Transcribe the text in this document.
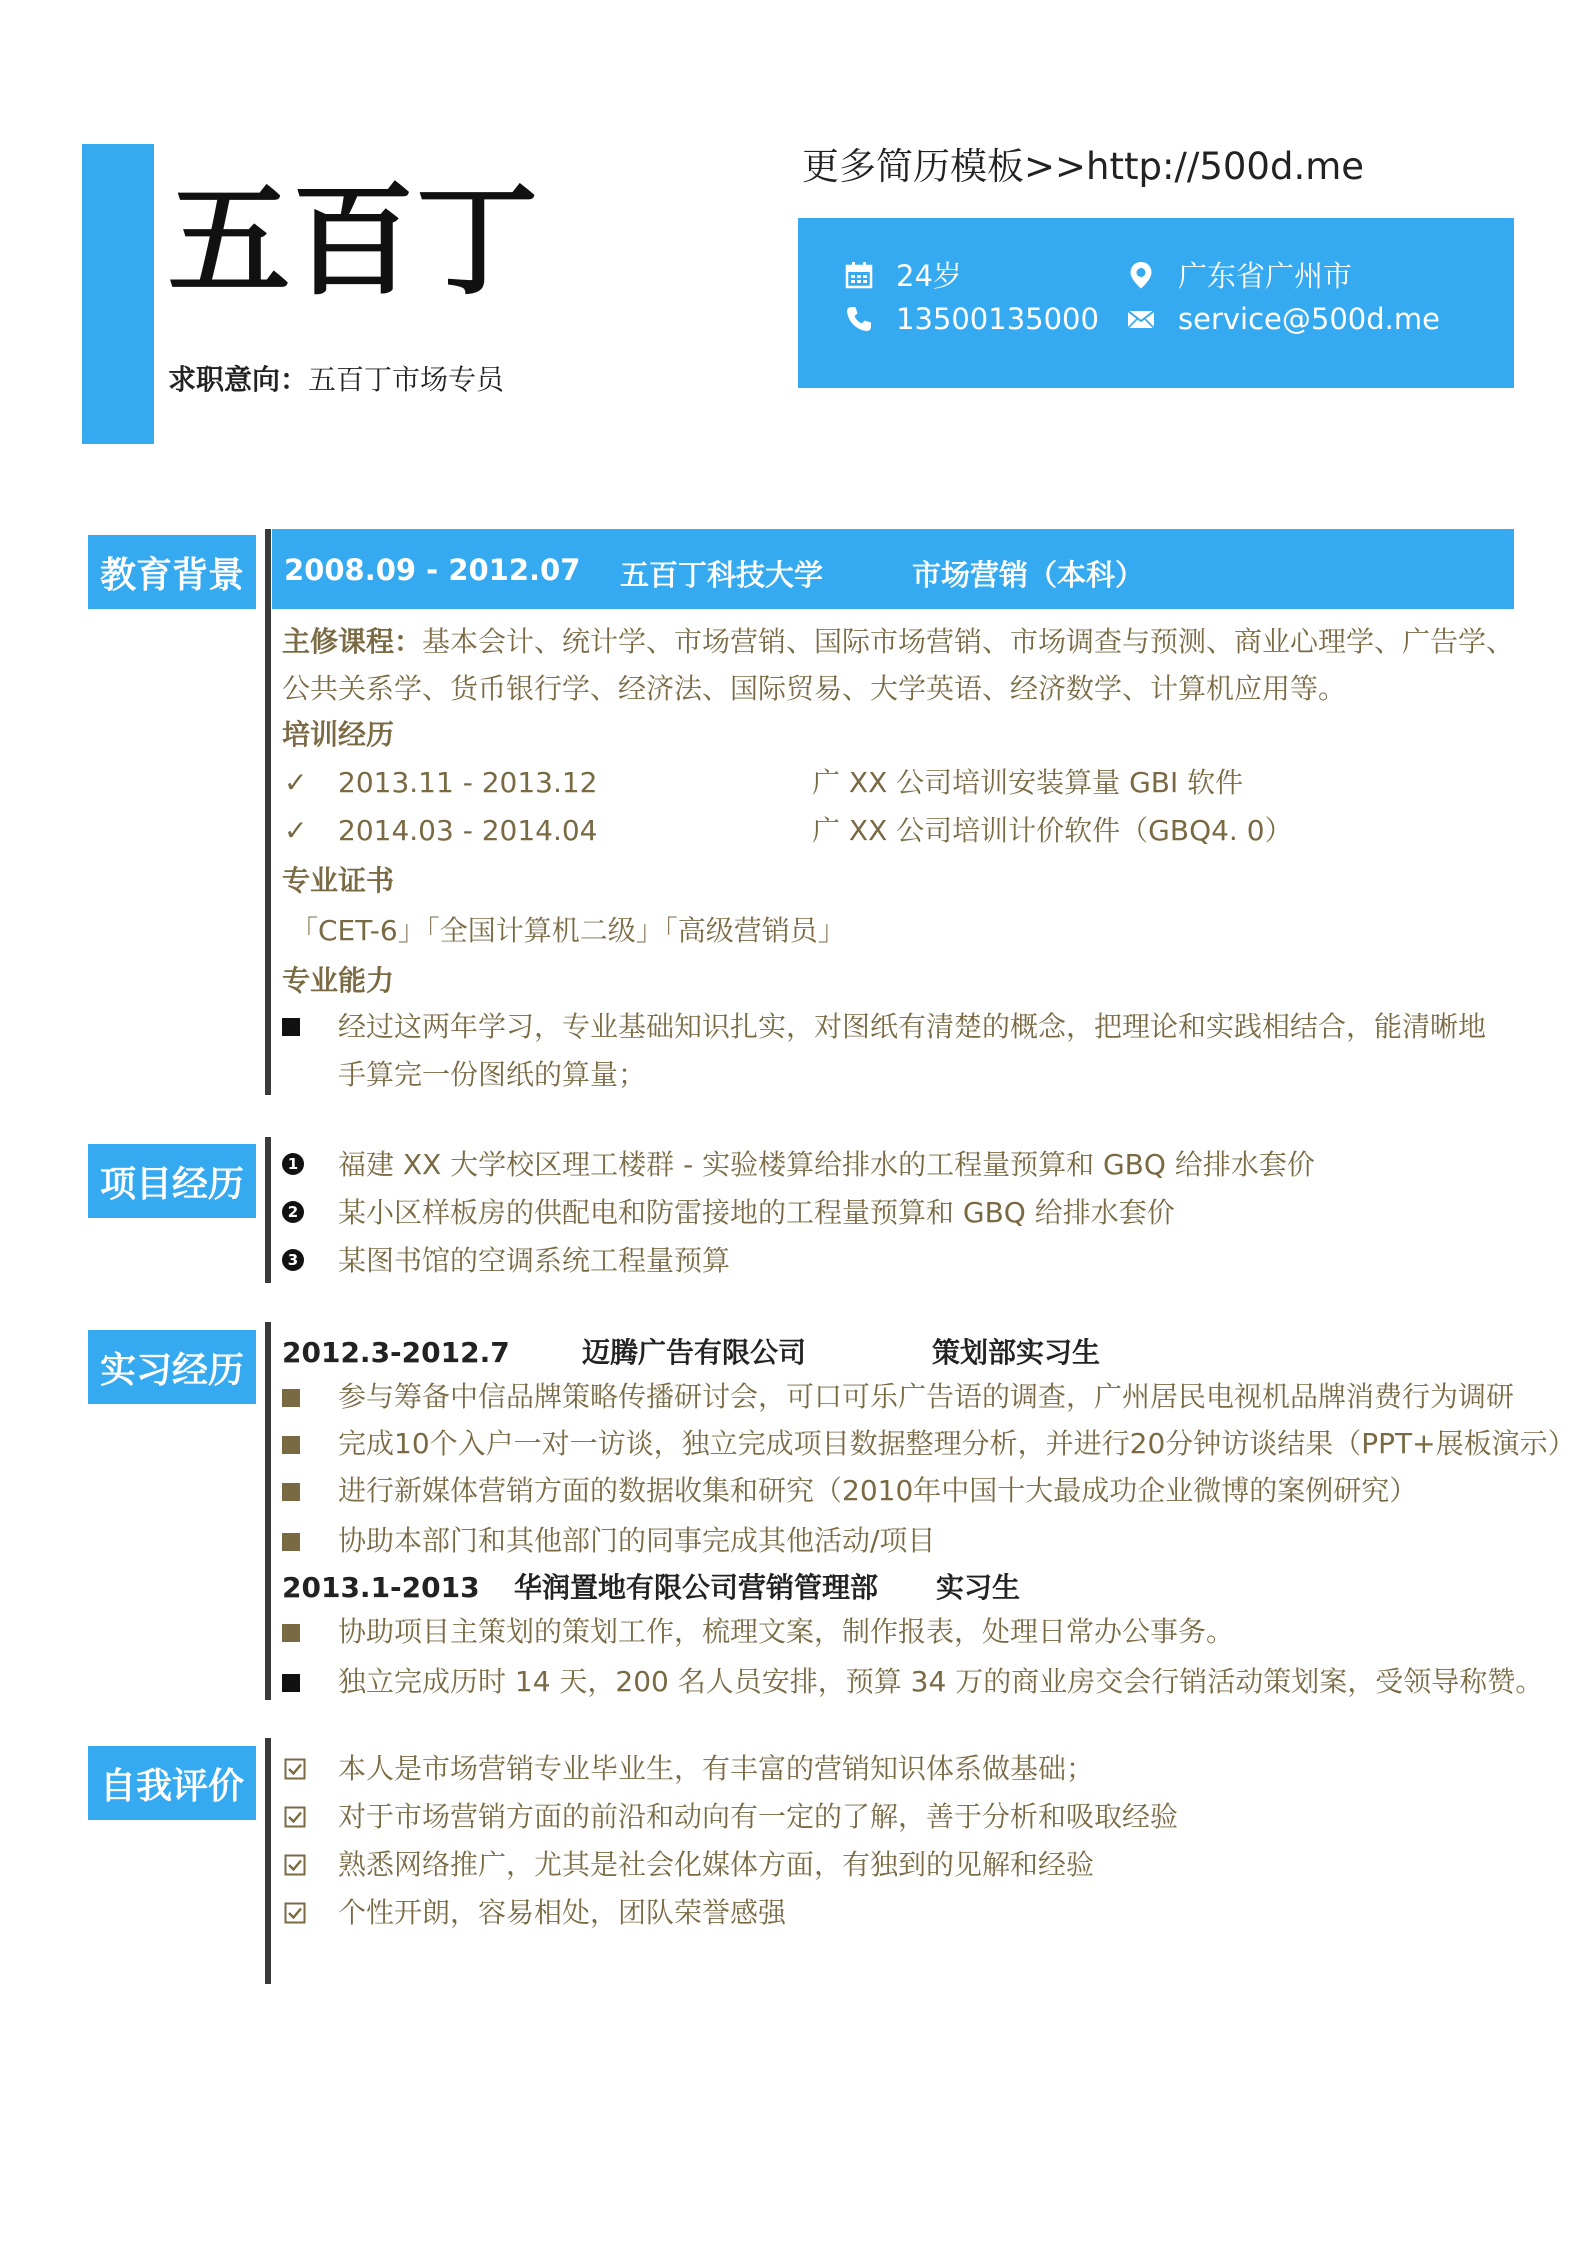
五百丁
求职意向：五百丁市场专员
更多简历模板>>http://500d.me
24岁	广东省广州市
13500135000	service@500d.me
教育背景
项目经历
实习经历
自我评价
2008.09 - 2012.07 五百丁科技大学	市场营销（本科）
主修课程：基本会计、统计学、市场营销、国际市场营销、市场调查与预测、商业心理学、广告学、
公共关系学、货币银行学、经济法、国际贸易、大学英语、经济数学、计算机应用等。
培训经历
✓ 2013.11 - 2013.12	广 XX 公司培训安装算量 GBI 软件
✓ 2014.03 - 2014.04	广 XX 公司培训计价软件（GBQ4. 0）
专业证书
「CET-6」「全国计算机二级」「高级营销员」
专业能力
经过这两年学习，专业基础知识扎实，对图纸有清楚的概念，把理论和实践相结合，能清晰地
手算完一份图纸的算量；
1 福建 XX 大学校区理工楼群 - 实验楼算给排水的工程量预算和 GBQ 给排水套价
2 某小区样板房的供配电和防雷接地的工程量预算和 GBQ 给排水套价
3 某图书馆的空调系统工程量预算
2012.3-2012.7	迈腾广告有限公司	策划部实习生
参与筹备中信品牌策略传播研讨会，可口可乐广告语的调查，广州居民电视机品牌消费行为调研
完成10个入户一对一访谈，独立完成项目数据整理分析，并进行20分钟访谈结果（PPT+展板演示）
进行新媒体营销方面的数据收集和研究（2010年中国十大最成功企业微博的案例研究）
协助本部门和其他部门的同事完成其他活动/项目
2013.1-2013 华润置地有限公司营销管理部 实习生
协助项目主策划的策划工作，梳理文案，制作报表，处理日常办公事务。
独立完成历时 14 天，200 名人员安排，预算 34 万的商业房交会行销活动策划案，受领导称赞。
本人是市场营销专业毕业生，有丰富的营销知识体系做基础；
对于市场营销方面的前沿和动向有一定的了解，善于分析和吸取经验
熟悉网络推广，尤其是社会化媒体方面，有独到的见解和经验
个性开朗，容易相处，团队荣誉感强
